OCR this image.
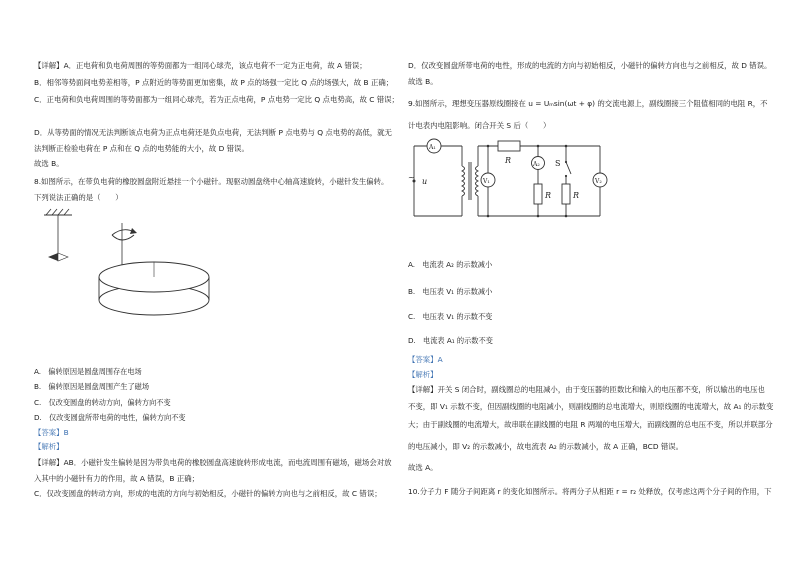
【详解】A．正电荷和负电荷周围的等势面都为一组同心球壳，该点电荷不一定为正电荷，故 A 错误；
B．相邻等势面间电势差相等，P 点附近的等势面更加密集，故 P 点的场强一定比 Q 点的场强大，故 B 正确；
C．正电荷和负电荷周围的等势面都为一组同心球壳，若为正点电荷，P 点电势一定比 Q 点电势高，故 C 错误；
D．从等势面的情况无法判断该点电荷为正点电荷还是负点电荷，无法判断 P 点电势与 Q 点电势的高低，就无
法判断正检验电荷在 P 点和在 Q 点的电势能的大小，故 D 错误。
故选 B。
8.如图所示，在带负电荷的橡胶圆盘附近悬挂一个小磁针。现驱动圆盘绕中心轴高速旋转，小磁针发生偏转。
下列说法正确的是（　　）
A.　偏转原因是圆盘周围存在电场
B.　偏转原因是圆盘周围产生了磁场
C.　仅改变圆盘的转动方向，偏转方向不变
D.　仅改变圆盘所带电荷的电性，偏转方向不变
【答案】B
【解析】
【详解】AB．小磁针发生偏转是因为带负电荷的橡胶圆盘高速旋转形成电流，而电流周围有磁场，磁场会对放
入其中的小磁针有力的作用，故 A 错误，B 正确；
C．仅改变圆盘的转动方向，形成的电流的方向与初始相反，小磁针的偏转方向也与之前相反，故 C 错误；
D．仅改变圆盘所带电荷的电性，形成的电流的方向与初始相反，小磁针的偏转方向也与之前相反，故 D 错误。
故选 B。
9.如图所示，理想变压器原线圈接在 u = Uₘsin(ωt + φ) 的交流电源上，副线圈接三个阻值相同的电阻 R，不
计电表内电阻影响。闭合开关 S 后（　　）
~
A₁
u	V₁
R	A₂
R
S
R
V₂
A.　电流表 A₂ 的示数减小
B.　电压表 V₁ 的示数减小
C.　电压表 V₁ 的示数不变
D.　电流表 A₁ 的示数不变
【答案】A
【解析】
【详解】开关 S 闭合时，副线圈总的电阻减小，由于变压器的匝数比和输入的电压都不变，所以输出的电压也
不变，即 V₁ 示数不变，但因副线圈的电阻减小，则副线圈的总电流增大，则原线圈的电流增大，故 A₁ 的示数变
大；由于副线圈的电流增大，故串联在副线圈的电阻 R 两端的电压增大，而副线圈的总电压不变，所以并联部分
的电压减小，即 V₂ 的示数减小，故电流表 A₂ 的示数减小，故 A 正确，BCD 错误。
故选 A。
10.分子力 F 随分子间距离 r 的变化如图所示。将两分子从相距 r = r₂ 处释放，仅考虑这两个分子间的作用，下
